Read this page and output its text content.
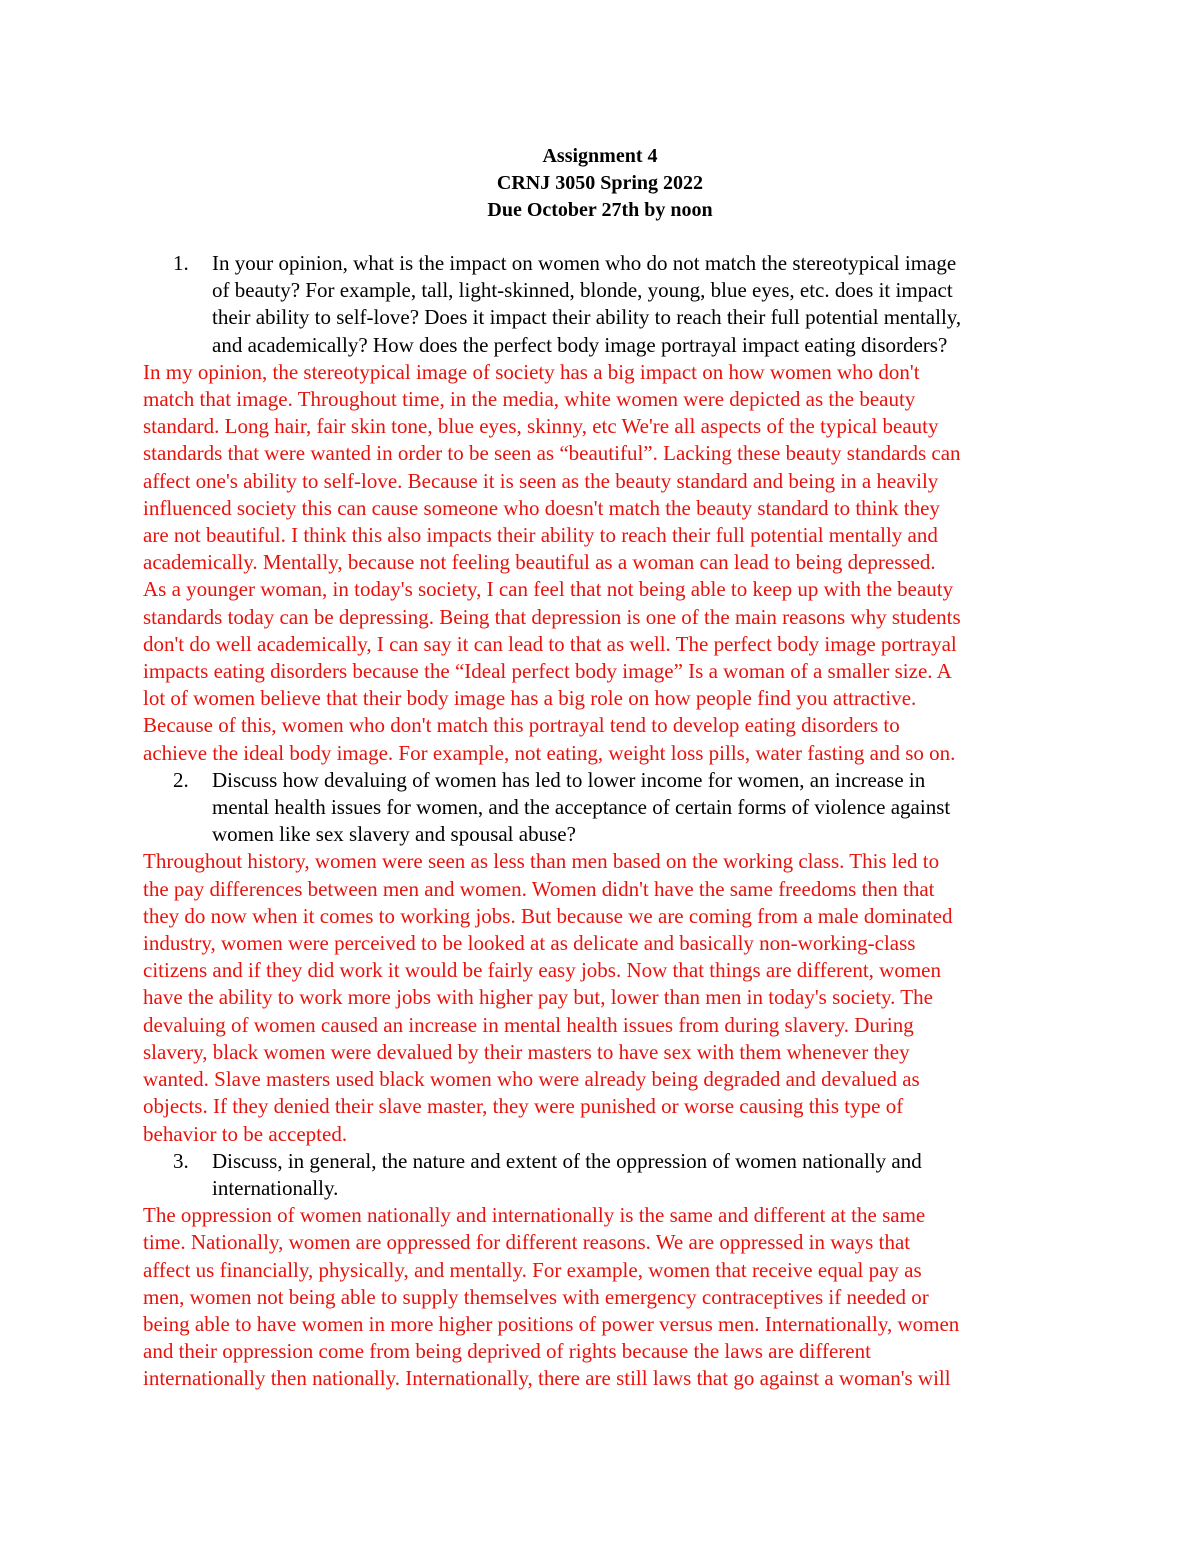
Assignment 4
CRNJ 3050 Spring 2022
Due October 27th by noon
1. In your opinion, what is the impact on women who do not match the stereotypical image
of beauty? For example, tall, light-skinned, blonde, young, blue eyes, etc. does it impact
their ability to self-love? Does it impact their ability to reach their full potential mentally,
and academically? How does the perfect body image portrayal impact eating disorders?
In my opinion, the stereotypical image of society has a big impact on how women who don't
match that image. Throughout time, in the media, white women were depicted as the beauty
standard. Long hair, fair skin tone, blue eyes, skinny, etc We're all aspects of the typical beauty
standards that were wanted in order to be seen as “beautiful”. Lacking these beauty standards can
affect one's ability to self-love. Because it is seen as the beauty standard and being in a heavily
influenced society this can cause someone who doesn't match the beauty standard to think they
are not beautiful. I think this also impacts their ability to reach their full potential mentally and
academically. Mentally, because not feeling beautiful as a woman can lead to being depressed.
As a younger woman, in today's society, I can feel that not being able to keep up with the beauty
standards today can be depressing. Being that depression is one of the main reasons why students
don't do well academically, I can say it can lead to that as well. The perfect body image portrayal
impacts eating disorders because the “Ideal perfect body image” Is a woman of a smaller size. A
lot of women believe that their body image has a big role on how people find you attractive.
Because of this, women who don't match this portrayal tend to develop eating disorders to
achieve the ideal body image. For example, not eating, weight loss pills, water fasting and so on.
2. Discuss how devaluing of women has led to lower income for women, an increase in
mental health issues for women, and the acceptance of certain forms of violence against
women like sex slavery and spousal abuse?
Throughout history, women were seen as less than men based on the working class. This led to
the pay differences between men and women. Women didn't have the same freedoms then that
they do now when it comes to working jobs. But because we are coming from a male dominated
industry, women were perceived to be looked at as delicate and basically non-working-class
citizens and if they did work it would be fairly easy jobs. Now that things are different, women
have the ability to work more jobs with higher pay but, lower than men in today's society. The
devaluing of women caused an increase in mental health issues from during slavery. During
slavery, black women were devalued by their masters to have sex with them whenever they
wanted. Slave masters used black women who were already being degraded and devalued as
objects. If they denied their slave master, they were punished or worse causing this type of
behavior to be accepted.
3. Discuss, in general, the nature and extent of the oppression of women nationally and
internationally.
The oppression of women nationally and internationally is the same and different at the same
time. Nationally, women are oppressed for different reasons. We are oppressed in ways that
affect us financially, physically, and mentally. For example, women that receive equal pay as
men, women not being able to supply themselves with emergency contraceptives if needed or
being able to have women in more higher positions of power versus men. Internationally, women
and their oppression come from being deprived of rights because the laws are different
internationally then nationally. Internationally, there are still laws that go against a woman's will
